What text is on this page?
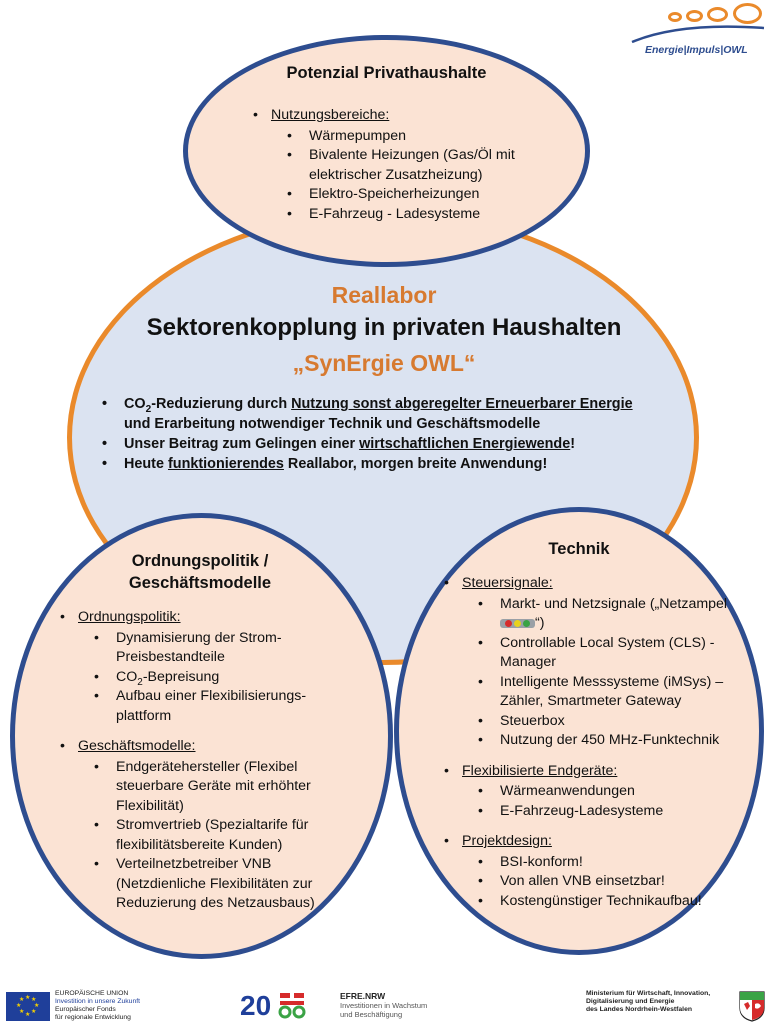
Energie|Impuls|OWL
Potenzial Privathaushalte
• Nutzungsbereiche:
• Wärmepumpen
• Bivalente Heizungen (Gas/Öl mit elektrischer Zusatzheizung)
• Elektro-Speicherheizungen
• E-Fahrzeug - Ladesysteme
Reallabor
Sektorenkopplung in privaten Haushalten
„SynErgie OWL“
• $CO_2$-Reduzierung durch Nutzung sonst abgeregelter Erneuerbarer Energie und Erarbeitung notwendiger Technik und Geschäftsmodelle
• Unser Beitrag zum Gelingen einer wirtschaftlichen Energiewende!
• Heute funktionierendes Reallabor, morgen breite Anwendung!
Ordnungspolitik /
Geschäftsmodelle
• Ordnungspolitik:
• Dynamisierung der Strom-Preisbestandteile
• $CO_2$-Bepreisung
• Aufbau einer Flexibilisierungs-plattform
• Geschäftsmodelle:
• Endgerätehersteller (Flexibel steuerbare Geräte mit erhöhter Flexibilität)
• Stromvertrieb (Spezialtarife für flexibilitätsbereite Kunden)
• Verteilnetzbetreiber VNB (Netzdienliche Flexibilitäten zur Reduzierung des Netzausbaus)
Technik
• Steuersignale:
• Markt- und Netzsignale („Netzampel “)
• Controllable Local System (CLS) - Manager
• Intelligente Messsysteme (iMSys) – Zähler, Smartmeter Gateway
• Steuerbox
• Nutzung der 450 MHz-Funktechnik
• Flexibilisierte Endgeräte:
• Wärmeanwendungen
• E-Fahrzeug-Ladesysteme
• Projektdesign:
• BSI-konform!
• Von allen VNB einsetzbar!
• Kostengünstiger Technikaufbau!
★ ★
★
★
★
★
★
★
EUROPÄISCHE UNION
Investition in unsere Zukunft
Europäischer Fonds
für regionale Entwicklung	20	EFRE.NRW
Investitionen in Wachstum
und Beschäftigung
Ministerium für Wirtschaft, Innovation,
Digitalisierung und Energie
des Landes Nordrhein-Westfalen
